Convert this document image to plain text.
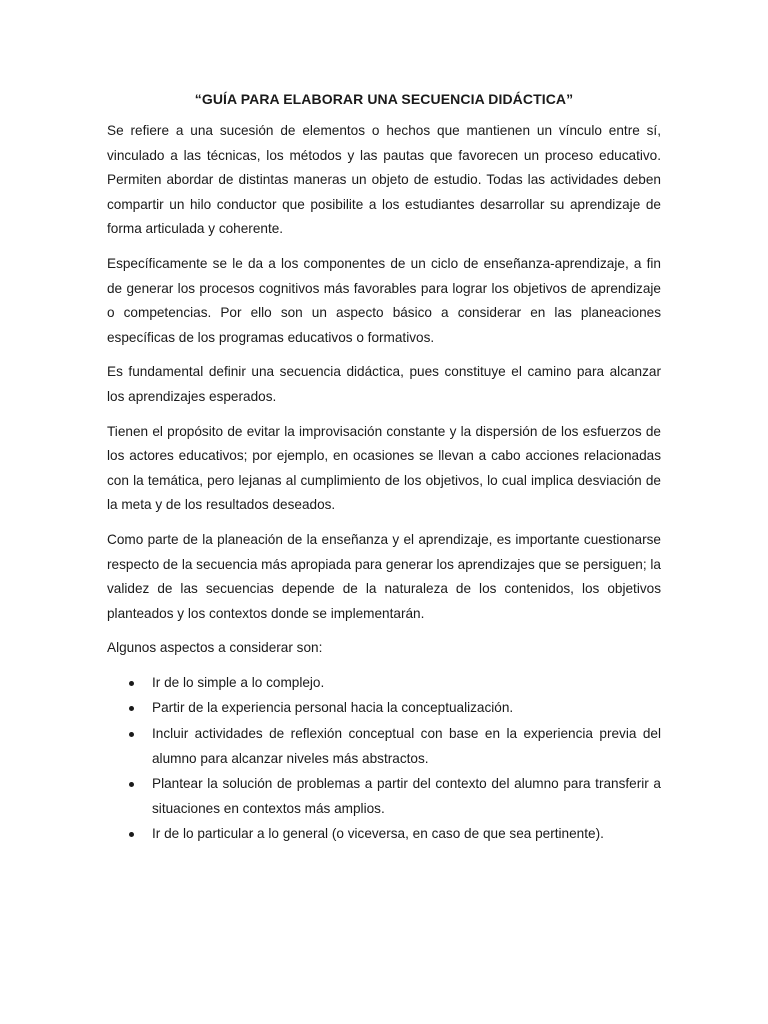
“GUÍA PARA ELABORAR UNA SECUENCIA DIDÁCTICA”

Se refiere a una sucesión de elementos o hechos que mantienen un vínculo entre sí, vinculado a las técnicas, los métodos y las pautas que favorecen un proceso educativo. Permiten abordar de distintas maneras un objeto de estudio. Todas las actividades deben compartir un hilo conductor que posibilite a los estudiantes desarrollar su aprendizaje de forma articulada y coherente.

Específicamente se le da a los componentes de un ciclo de enseñanza-aprendizaje, a fin de generar los procesos cognitivos más favorables para lograr los objetivos de aprendizaje o competencias. Por ello son un aspecto básico a considerar en las planeaciones específicas de los programas educativos o formativos.

Es fundamental definir una secuencia didáctica, pues constituye el camino para alcanzar los aprendizajes esperados.

Tienen el propósito de evitar la improvisación constante y la dispersión de los esfuerzos de los actores educativos; por ejemplo, en ocasiones se llevan a cabo acciones relacionadas con la temática, pero lejanas al cumplimiento de los objetivos, lo cual implica desviación de la meta y de los resultados deseados.

Como parte de la planeación de la enseñanza y el aprendizaje, es importante cuestionarse respecto de la secuencia más apropiada para generar los aprendizajes que se persiguen; la validez de las secuencias depende de la naturaleza de los contenidos, los objetivos planteados y los contextos donde se implementarán.

Algunos aspectos a considerar son:

Ir de lo simple a lo complejo.
Partir de la experiencia personal hacia la conceptualización.
Incluir actividades de reflexión conceptual con base en la experiencia previa del alumno para alcanzar niveles más abstractos.
Plantear la solución de problemas a partir del contexto del alumno para transferir a situaciones en contextos más amplios.
Ir de lo particular a lo general (o viceversa, en caso de que sea pertinente).
